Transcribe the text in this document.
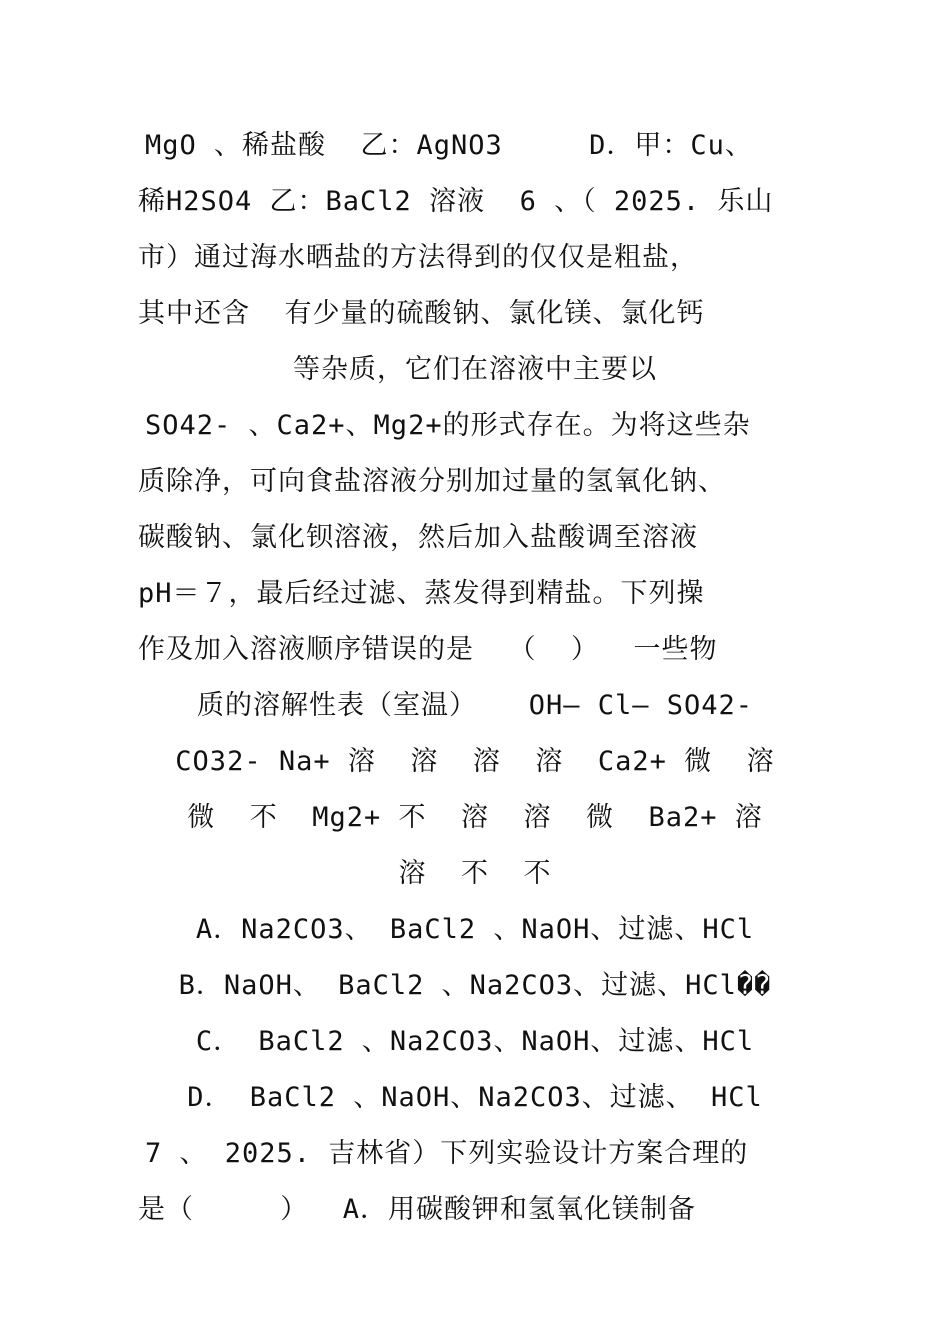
MgO 、稀盐酸  乙：AgNO3     D．甲：Cu、
稀H2SO4 乙：BaCl2 溶液  6 、（ 2025. 乐山
市）通过海水晒盐的方法得到的仅仅是粗盐，
其中还含  有少量的硫酸钠、氯化镁、氯化钙
等杂质，它们在溶液中主要以
SO42- 、Ca2+、Mg2+的形式存在。为将这些杂
质除净，可向食盐溶液分别加过量的氢氧化钠、
碳酸钠、氯化钡溶液，然后加入盐酸调至溶液
pH＝７，最后经过滤、蒸发得到精盐。下列操
作及加入溶液顺序错误的是  （  ）  一些物
质的溶解性表（室温）   OH— Cl— SO42-
CO32- Na+ 溶  溶  溶  溶  Ca2+ 微  溶
微  不  Mg2+ 不  溶  溶  微  Ba2+ 溶
溶  不  不
A．Na2CO3、 BaCl2 、NaOH、过滤、HCl
B．NaOH、 BaCl2 、Na2CO3、过滤、HCl��
C． BaCl2 、Na2CO3、NaOH、过滤、HCl
D． BaCl2 、NaOH、Na2CO3、过滤、 HCl
7 、 2025. 吉林省）下列实验设计方案合理的
是（     ）  A．用碳酸钾和氢氧化镁制备
